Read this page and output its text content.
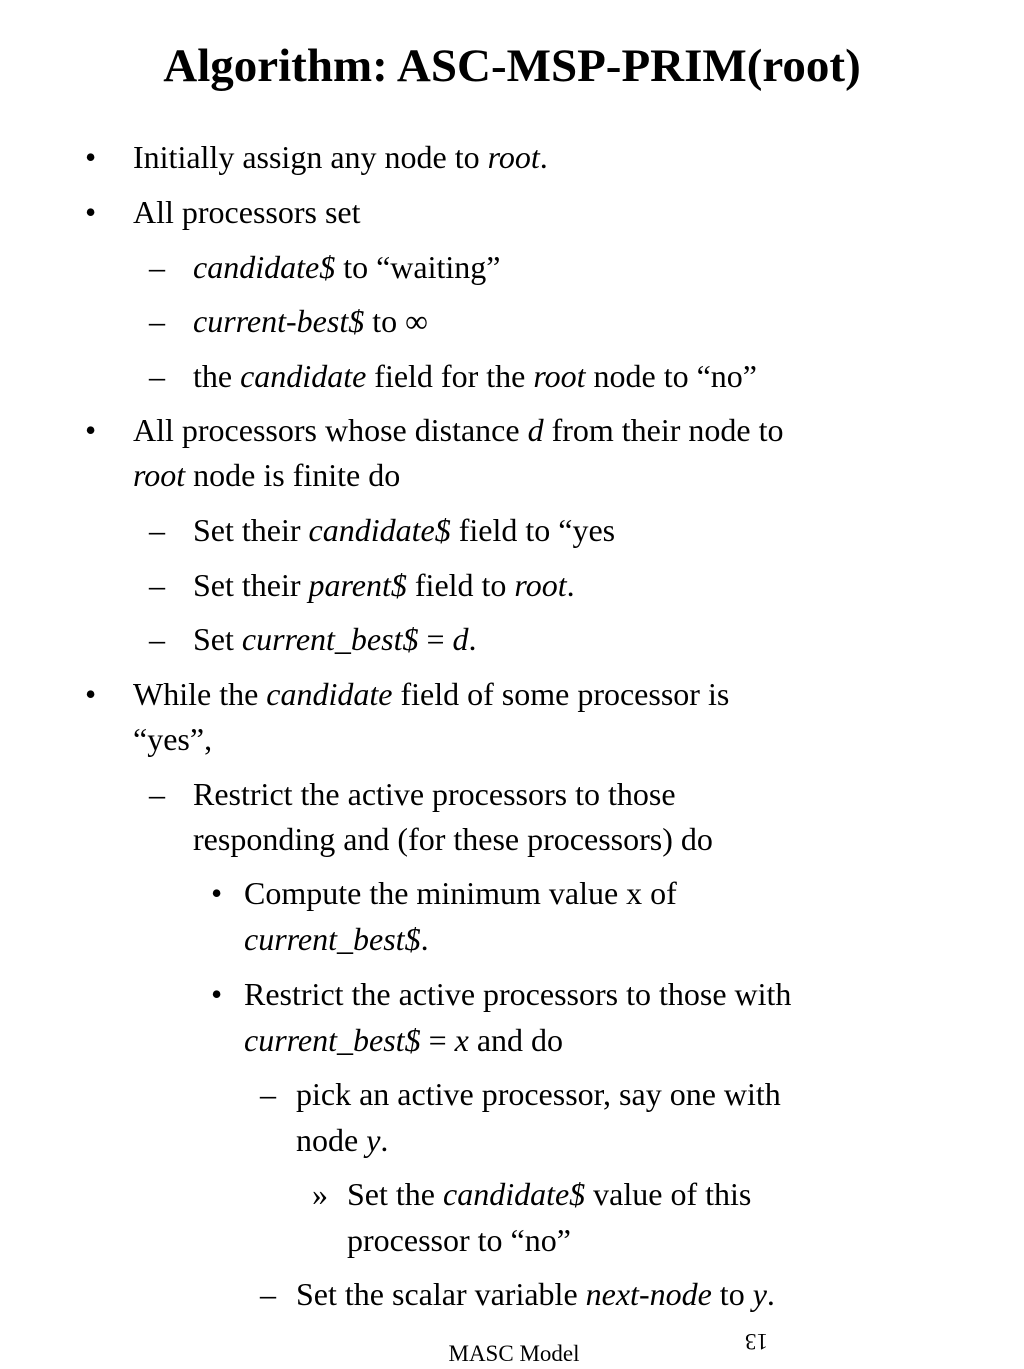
Algorithm: ASC-MSP-PRIM(root)
• Initially assign any node to root.
• All processors set
– candidate$ to “waiting”
– current-best$ to ∞
– the candidate field for the root node to “no”
• All processors whose distance d from their node to
root node is finite do
– Set their candidate$ field to “yes
– Set their parent$ field to root.
– Set current_best$ = d.
• While the candidate field of some processor is
“yes”,
– Restrict the active processors to those
responding and (for these processors) do
• Compute the minimum value x of
current_best$.
• Restrict the active processors to those with
current_best$ = x and do
– pick an active processor, say one with
node y.
» Set the candidate$ value of this
processor to “no”
– Set the scalar variable next-node to y.
13
MASC Model
